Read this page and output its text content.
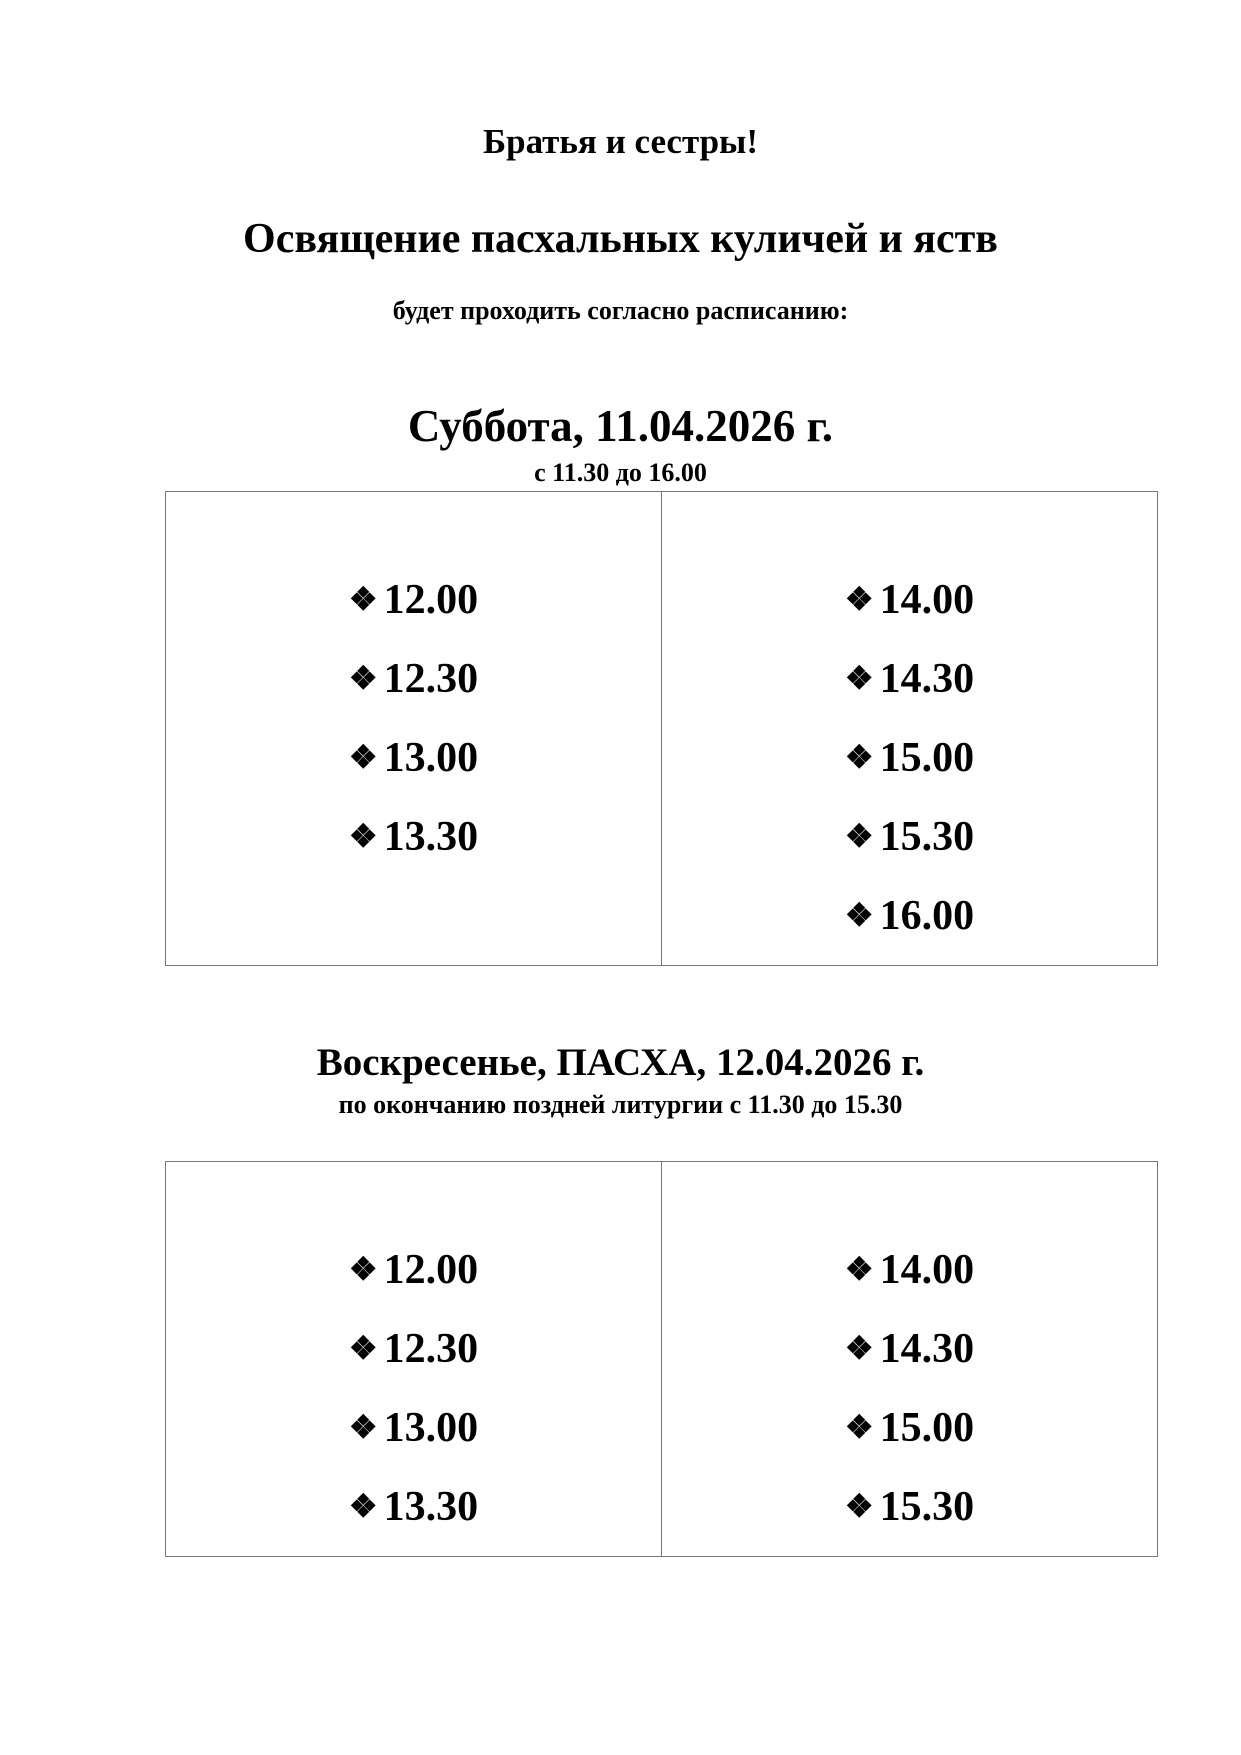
Братья и сестры!
Освящение пасхальных куличей и яств
будет проходить согласно расписанию:
Суббота, 11.04.2026 г.
с 11.30 до 16.00
❖ 12.00
❖ 12.30
❖ 13.00
❖ 13.30
❖ 14.00
❖ 14.30
❖ 15.00
❖ 15.30
❖ 16.00
Воскресенье, ПАСХА, 12.04.2026 г.
по окончанию поздней литургии с 11.30 до 15.30
❖ 12.00
❖ 12.30
❖ 13.00
❖ 13.30
❖ 14.00
❖ 14.30
❖ 15.00
❖ 15.30
